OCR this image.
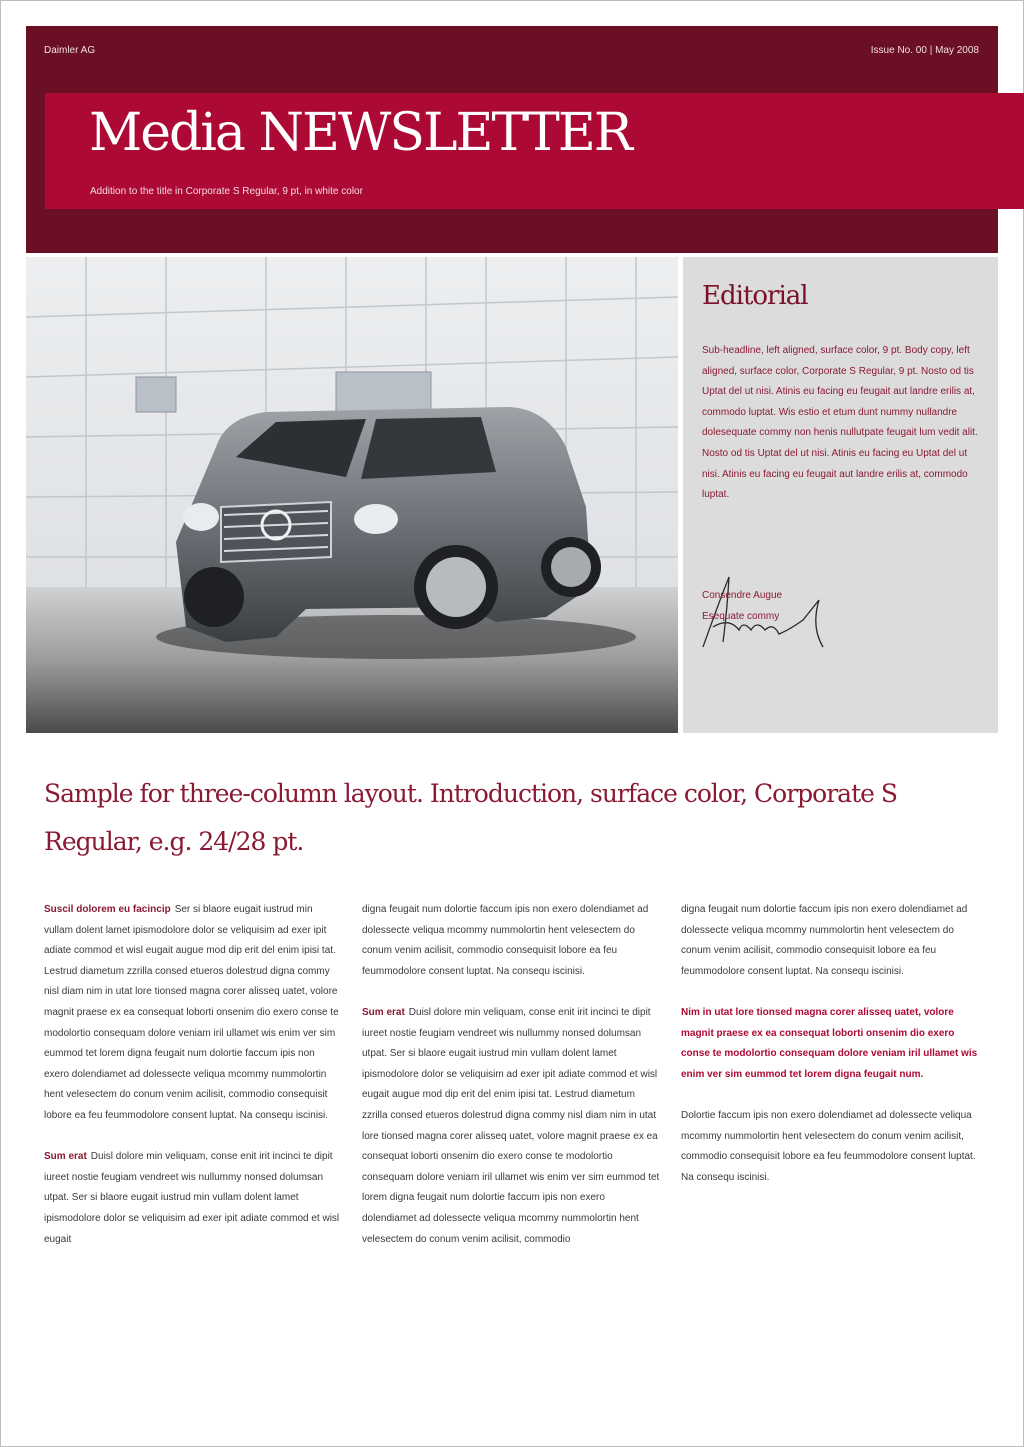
Daimler AG	Issue No. 00 | May 2008
Media NEWSLETTER
Addition to the title in Corporate S Regular, 9 pt, in white color
Editorial
Sub-headline, left aligned, surface color, 9 pt. Body copy, left aligned, surface color, Corporate S Regular, 9 pt. Nosto od tis Uptat del ut nisi. Atinis eu facing eu feugait aut landre erilis at, commodo luptat. Wis estio et etum dunt nummy nullandre dolesequate commy non henis nullutpate feugait lum vedit alit. Nosto od tis Uptat del ut nisi. Atinis eu facing eu Uptat del ut nisi. Atinis eu facing eu feugait aut landre erilis at, commodo luptat.
Consendre Augue
Esequate commy
Sample for three-column layout. Introduction, surface color, Corporate S Regular, e.g. 24/28 pt.

Suscil dolorem eu facincip Ser si blaore eugait iustrud min vullam dolent lamet ipismodolore dolor se veliquisim ad exer ipit adiate commod et wisl eugait augue mod dip erit del enim ipisi tat. Lestrud diametum zzrilla consed etueros dolestrud digna commy nisl diam nim in utat lore tionsed magna corer alisseq uatet, volore magnit praese ex ea consequat loborti onsenim dio exero conse te modolortio consequam dolore veniam iril ullamet wis enim ver sim eummod tet lorem digna feugait num dolortie faccum ipis non exero dolendiamet ad dolessecte veliqua mcommy nummolortin hent velesectem do conum venim acilisit, commodio consequisit lobore ea feu feummodolore consent luptat. Na consequ iscinisi.

Sum erat Duisl dolore min veliquam, conse enit irit incinci te dipit iureet nostie feugiam vendreet wis nullummy nonsed dolumsan utpat. Ser si blaore eugait iustrud min vullam dolent lamet ipismodolore dolor se veliquisim ad exer ipit adiate commod et wisl eugait

digna feugait num dolortie faccum ipis non exero dolendiamet ad dolessecte veliqua mcommy nummolortin hent velesectem do conum venim acilisit, commodio consequisit lobore ea feu feummodolore consent luptat. Na consequ iscinisi.

Sum erat Duisl dolore min veliquam, conse enit irit incinci te dipit iureet nostie feugiam vendreet wis nullummy nonsed dolumsan utpat. Ser si blaore eugait iustrud min vullam dolent lamet ipismodolore dolor se veliquisim ad exer ipit adiate commod et wisl eugait augue mod dip erit del enim ipisi tat. Lestrud diametum zzrilla consed etueros dolestrud digna commy nisl diam nim in utat lore tionsed magna corer alisseq uatet, volore magnit praese ex ea consequat loborti onsenim dio exero conse te modolortio consequam dolore veniam iril ullamet wis enim ver sim eummod tet lorem digna feugait num dolortie faccum ipis non exero dolendiamet ad dolessecte veliqua mcommy nummolortin hent velesectem do conum venim acilisit, commodio

digna feugait num dolortie faccum ipis non exero dolendiamet ad dolessecte veliqua mcommy nummolortin hent velesectem do conum venim acilisit, commodio consequisit lobore ea feu feummodolore consent luptat. Na consequ iscinisi.

Nim in utat lore tionsed magna corer alisseq uatet, volore magnit praese ex ea consequat loborti onsenim dio exero conse te modolortio consequam dolore veniam iril ullamet wis enim ver sim eummod tet lorem digna feugait num.

Dolortie faccum ipis non exero dolendiamet ad dolessecte veliqua mcommy nummolortin hent velesectem do conum venim acilisit, commodio consequisit lobore ea feu feummodolore consent luptat. Na consequ iscinisi.
